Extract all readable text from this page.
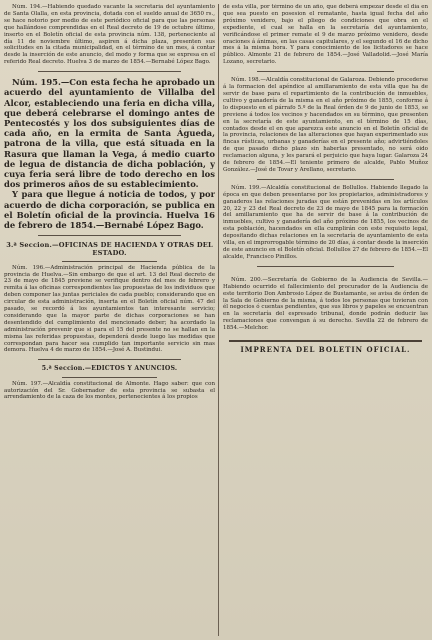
Núm. 194.—Habiendo quedado vacante la secretaría del ayuntamiento de Santa Olalla, en esta provincia, dotada con el sueldo anual de 3650 rs., se hace notorio por medio de este periódico oficial para que las personas que hallándose comprendidas en el Real decreto de 19 de octubre último, inserto en el Boletín oficial de esta provincia núm. 138, perteneciente al día 11 de noviembre último, aspiren á dicha plaza, presenten sus solicitudes en la citada municipalidad, en el término de un mes, á contar desde la inserción de este anuncio, del modo y forma que se expresa en el referido Real decreto. Huelva 3 de marzo de 1854.—Bernabé López Bago.

Núm. 195.—Con esta fecha he aprobado un acuerdo del ayuntamiento de Villalba del Alcor, estableciendo una feria en dicha villa, que deberá celebrarse el domingo antes de Pentecostés y los dos subsiguientes días de cada año, en la ermita de Santa Águeda, patrona de la villa, que está situada en la Rasura que llaman la Vega, á medio cuarto de legua de distancia de dicha población, y cuya feria será libre de todo derecho en los dos primeros años de su establecimiento.

Y para que llegue á noticia de todos, y por acuerdo de dicha corporación, se publica en el Boletín oficial de la provincia. Huelva 16 de febrero de 1854.—Bernabé López Bago.

3.ª Seccion.—OFICINAS DE HACIENDA Y OTRAS DEL ESTADO.

Núm. 196.—Administración principal de Hacienda pública de la provincia de Huelva.—Sin embargo de que el art. 13 del Real decreto de 23 de mayo de 1845 previene se verifique dentro del mes de febrero y remita á las oficinas correspondientes las propuestas de los individuos que deben componer las juntas periciales de cada pueblo; considerando que en circular de esta administración, inserta en el Boletín oficial núm. 47 del pasado, se recordó á los ayuntamientos tan interesante servicio; considerando que la mayor parte de dichas corporaciones se han desentendido del cumplimiento del mencionado deber; ha acordado la administración prevenir que si para el 15 del presente no se hallan en la misma las referidas propuestas, dependerá desde luego las medidas que correspondan para hacer sea cumplido tan importante servicio sin mas demora. Huelva 4 de marzo de 1854.—José A. Bustindui.

5.ª Seccion.—EDICTOS Y ANUNCIOS.

Núm. 197.—Alcaldía constitucional de Almonte. Hago saber: que con autorización del Sr. Gobernador de esta provincia se subasta el arrendamiento de la caza de los montes, pertenecientes á los propios

de esta villa, por término de un año, que deberá empezar desde el día en que sea puesto en posesion el rematante, hasta igual fecha del año próximo venidero, bajo el pliego de condiciones que obra en el expediente, el cual se halla en la secretaría del ayuntamiento, verificándose el primer remate el 9 de marzo próximo venidero, desde oraciones á ánimas, en las casas capitulares, y el segundo el 16 de dicho mes á la misma hora. Y para conocimiento de los licitadores se hace público. Almonte 21 de febrero de 1854.—José Valladolid.—José María Lozano, secretario.

Núm. 198.—Alcaldía constitucional de Galaroza. Debiendo procederse á la formacion del apéndice al amillaramiento de esta villa que ha de servir de base para el repartimiento de la contribución de inmuebles, cultivo y ganadería de la misma en el año próximo de 1855, conforme á lo dispuesto en el párrafo 5.º de la Real órden de 9 de junio de 1853, se previene á todos los vecinos y hacendados en su término, que presenten en la secretaría de este ayuntamiento, en el término de 15 días, contados desde el en que aparezca este anuncio en el Boletín oficial de la provincia, relaciones de las alteraciones que hayan experimentado sus fincas rústicas, urbanas y ganaderías en el presente año; advirtiéndoles de que pasado dicho plazo sin haberlas presentado, no será oido reclamacion alguna, y les parará el perjuicio que haya lugar. Galaroza 24 de febrero de 1854.—El teniente primero de alcalde, Pablo Muñoz González.—José de Tovar y Arellano, secretario.

Núm. 199.—Alcaldía constitucional de Bollullos. Habiendo llegado la época en que deben presentarse por los propietarios, administradores y ganaderos las relaciones juradas que están prevenidas en los artículos 20, 22 y 23 del Real decreto de 23 de mayo de 1845 para la formación del amillaramiento que ha de servir de base á la contribución de inmuebles, cultivo y ganadería del año próximo de 1855, los vecinos de esta población, hacendados en ella cumplirán con este requisito legal, depositando dichas relaciones en la secretaría de ayuntamiento de esta villa, en el improrrogable término de 20 días, á contar desde la inserción de este anuncio en el Boletín oficial. Bollullos 27 de febrero de 1854.—El alcalde, Francisco Pinillos.

Núm. 200.—Secretaría de Gobierno de la Audiencia de Sevilla.—Habiendo ocurrido el fallecimiento del procurador de la Audiencia de este territorio Don Ambrosio López de Bustamante, se avisa de órden de la Sala de Gobierno de la misma, á todos los personas que tuvieran con él negocios ó cuentas pendientes, que sus libros y papeles se encuentran en la secretaría del espresado tribunal, donde podrán deducir las reclamaciones que convengan á su derecho. Sevilla 22 de febrero de 1854.—Melchor.

IMPRENTA DEL BOLETIN OFICIAL.
